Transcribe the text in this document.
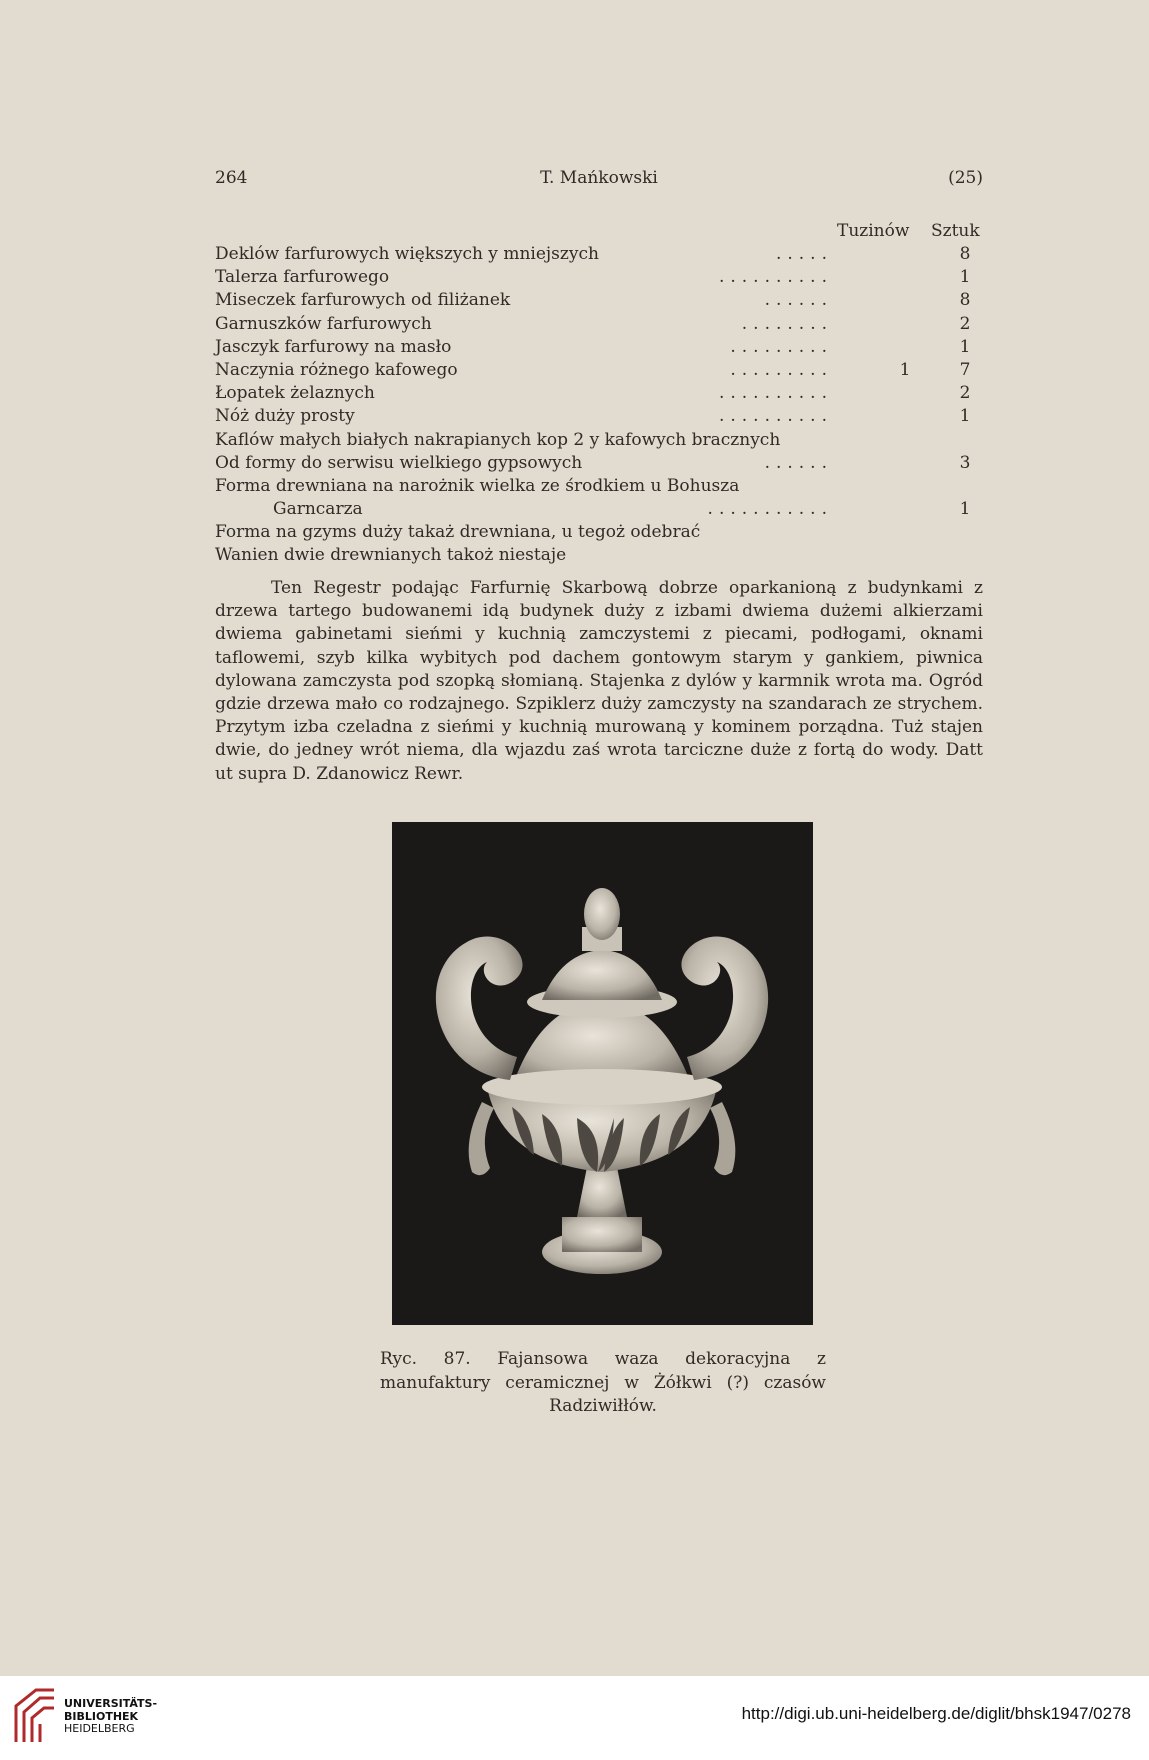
264	T. Mańkowski	(25)
Tuzinów Sztuk
Deklów farfurowych większych y mniejszych	.....	8
Talerza farfurowego	..........	1
Miseczek farfurowych od filiżanek	......	8
Garnuszków farfurowych	........	2
Jasczyk farfurowy na masło	.........	1
Naczynia różnego kafowego	.........	1	7
Łopatek żelaznych	..........	2
Nóż duży prosty	..........	1
Kaflów małych białych nakrapianych kop 2 y kafowych bracznych
Od formy do serwisu wielkiego gypsowych	......	3
Forma drewniana na narożnik wielka ze środkiem u Bohusza
Garncarza	...........	1
Forma na gzyms duży takaż drewniana, u tegoż odebrać
Wanien dwie drewnianych takoż niestaje

Ten Regestr podając Farfurnię Skarbową dobrze oparkanioną z budynkami z drzewa tartego budowanemi idą budynek duży z izbami dwiema dużemi alkierzami dwiema gabinetami sieńmi y kuchnią zamczystemi z piecami, podłogami, oknami taflowemi, szyb kilka wybitych pod dachem gontowym starym y gankiem, piwnica dylowana zamczysta pod szopką słomianą. Stajenka z dylów y karmnik wrota ma. Ogród gdzie drzewa mało co rodzajnego. Szpiklerz duży zamczysty na szandarach ze strychem. Przytym izba czeladna z sieńmi y kuchnią murowaną y kominem porządna. Tuż stajen dwie, do jedney wrót niema, dla wjazdu zaś wrota tarciczne duże z fortą do wody. Datt ut supra D. Zdanowicz Rewr.

Ryc. 87. Fajansowa waza dekoracyjna z manufaktury ceramicznej w Żółkwi (?) czasów Radziwiłłów.
UNIVERSITÄTS-
BIBLIOTHEK
HEIDELBERG
http://digi.ub.uni-heidelberg.de/diglit/bhsk1947/0278
